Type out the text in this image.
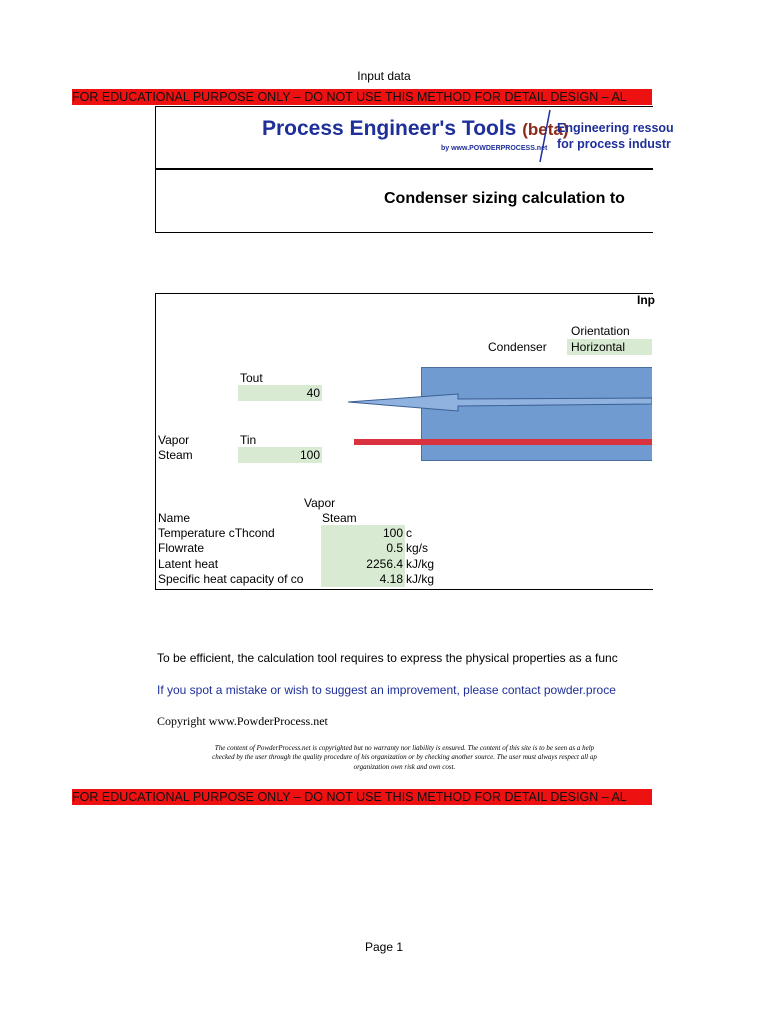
Input data
FOR EDUCATIONAL PURPOSE ONLY – DO NOT USE THIS METHOD FOR DETAIL DESIGN – AL
Process Engineer's Tools (beta)
by www.POWDERPROCESS.net
Engineering ressou
for process industr
Condenser sizing calculation to
Inp
Orientation
Condenser	Horizontal
Tout
40
Vapor	Tin
Steam	100
Vapor
Name	Steam
Temperature cThcond	100 c
Flowrate	0.5 kg/s
Latent heat	2256.4 kJ/kg
Specific heat capacity of co	4.18 kJ/kg
To be efficient, the calculation tool requires to express the physical properties as a func
If you spot a mistake or wish to suggest an improvement, please contact powder.proce
Copyright www.PowderProcess.net
The content of PowderProcess.net is copyrighted but no warranty nor liability is ensured. The content of this site is to be seen as a help
checked by the user through the quality procedure of his organization or by checking another source. The user must always respect all ap
organization own risk and own cost.
FOR EDUCATIONAL PURPOSE ONLY – DO NOT USE THIS METHOD FOR DETAIL DESIGN – AL
Page 1
